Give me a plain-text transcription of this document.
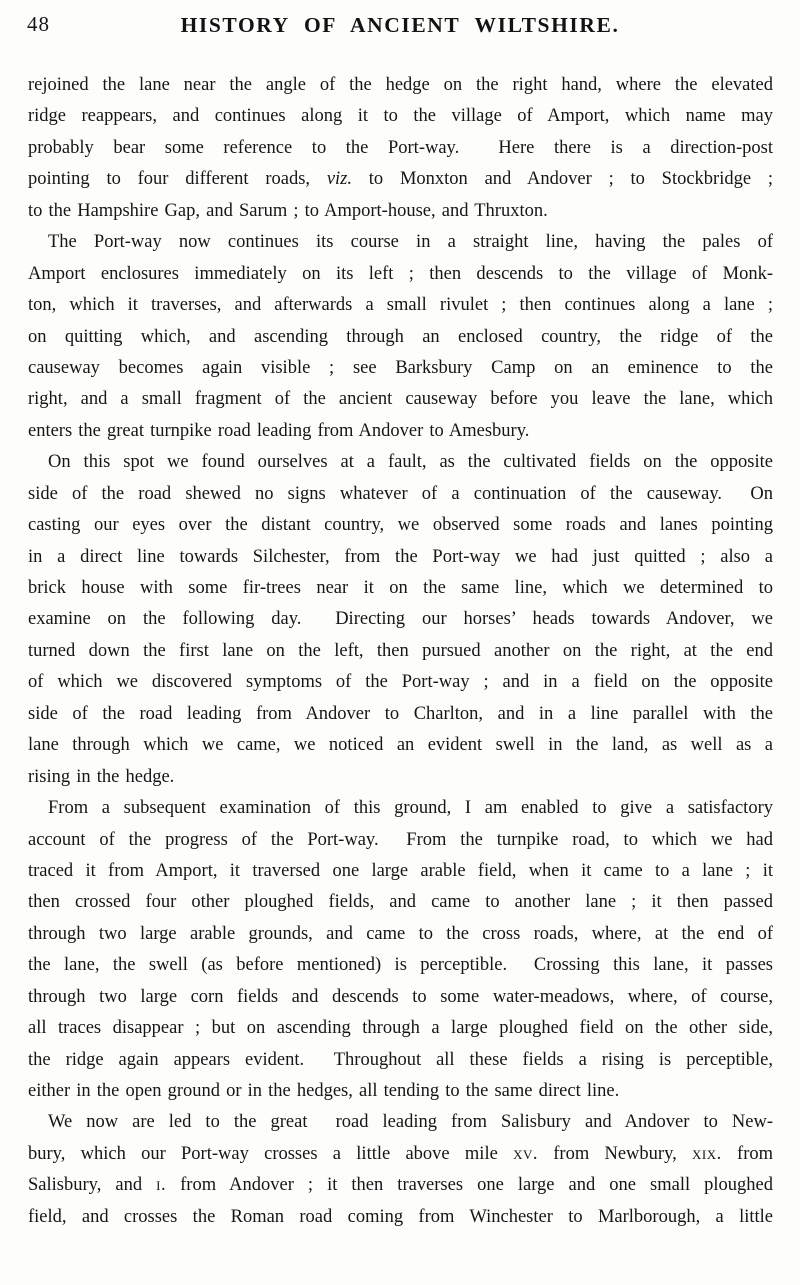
48	HISTORY OF ANCIENT WILTSHIRE.
rejoined the lane near the angle of the hedge on the right hand, where the elevated
ridge reappears, and continues along it to the village of Amport, which name may
probably bear some reference to the Port-way.  Here there is a direction-post
pointing to four different roads, viz. to Monxton and Andover ; to Stockbridge ;
to the Hampshire Gap, and Sarum ; to Amport-house, and Thruxton.
The Port-way now continues its course in a straight line, having the pales of
Amport enclosures immediately on its left ; then descends to the village of Monk-
ton, which it traverses, and afterwards a small rivulet ; then continues along a lane ;
on quitting which, and ascending through an enclosed country, the ridge of the
causeway becomes again visible ; see Barksbury Camp on an eminence to the
right, and a small fragment of the ancient causeway before you leave the lane, which
enters the great turnpike road leading from Andover to Amesbury.
On this spot we found ourselves at a fault, as the cultivated fields on the opposite
side of the road shewed no signs whatever of a continuation of the causeway.  On
casting our eyes over the distant country, we observed some roads and lanes pointing
in a direct line towards Silchester, from the Port-way we had just quitted ; also a
brick house with some fir-trees near it on the same line, which we determined to
examine on the following day.  Directing our horses’ heads towards Andover, we
turned down the first lane on the left, then pursued another on the right, at the end
of which we discovered symptoms of the Port-way ; and in a field on the opposite
side of the road leading from Andover to Charlton, and in a line parallel with the
lane through which we came, we noticed an evident swell in the land, as well as a
rising in the hedge.
From a subsequent examination of this ground, I am enabled to give a satisfactory
account of the progress of the Port-way.  From the turnpike road, to which we had
traced it from Amport, it traversed one large arable field, when it came to a lane ; it
then crossed four other ploughed fields, and came to another lane ; it then passed
through two large arable grounds, and came to the cross roads, where, at the end of
the lane, the swell (as before mentioned) is perceptible.  Crossing this lane, it passes
through two large corn fields and descends to some water-meadows, where, of course,
all traces disappear ; but on ascending through a large ploughed field on the other side,
the ridge again appears evident.  Throughout all these fields a rising is perceptible,
either in the open ground or in the hedges, all tending to the same direct line.
We now are led to the great  road leading from Salisbury and Andover to New-
bury, which our Port-way crosses a little above mile xv. from Newbury, xix. from
Salisbury, and i. from Andover ; it then traverses one large and one small ploughed
field, and crosses the Roman road coming from Winchester to Marlborough, a little
